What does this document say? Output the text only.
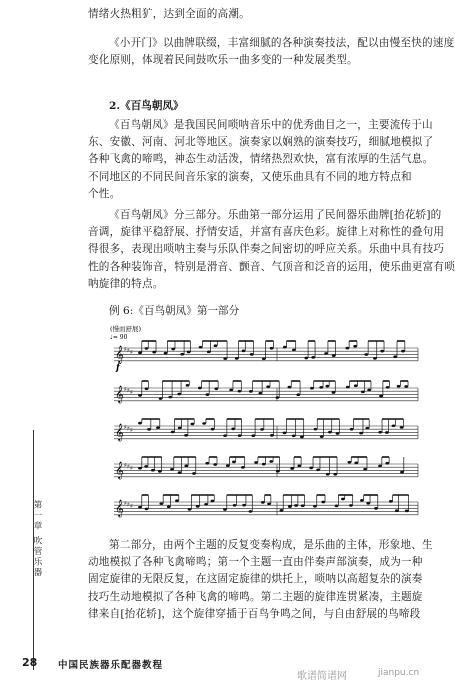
情绪火热粗犷，达到全面的高潮。

《小开门》以曲牌联缀，丰富细腻的各种演奏技法，配以由慢至快的速度
变化原则，体现着民间鼓吹乐一曲多变的一种发展类型。

2.《百鸟朝凤》

《百鸟朝凤》是我国民间唢呐音乐中的优秀曲目之一，主要流传于山
东、安徽、河南、河北等地区。演奏家以娴熟的演奏技巧，细腻地模拟了
各种飞禽的啼鸣，神态生动活泼，情绪热烈欢快，富有浓厚的生活气息。
不同地区的不同民间音乐家的演奏，又使乐曲具有不同的地方特点和
个性。

《百鸟朝凤》分三部分。乐曲第一部分运用了民间器乐曲牌[抬花轿]的
音调，旋律平稳舒展、抒情安适，并富有喜庆色彩。旋律上对称性的叠句用
得很多，表现出唢呐主奏与乐队伴奏之间密切的呼应关系。乐曲中具有技巧
性的各种装饰音，特别是滑音、颤音、气顶音和泛音的运用，使乐曲更富有唢
呐旋律的特点。

例 6:《百鸟朝凤》第一部分

(慢而舒展)
♩= 90
f
𝄞 ♯ ♯ ♯
𝄞 ♯ ♯ ♯
𝄞 ♯ ♯ ♯
𝄞 ♯ ♯ ♯
𝄞 ♯ ♯ ♯

第二部分，由两个主题的反复变奏构成，是乐曲的主体，形象地、生
动地模拟了各种飞禽啼鸣；第一个主题一直由伴奏声部演奏，成为一种
固定旋律的无限反复，在这固定旋律的烘托上，唢呐以高超复杂的演奏
技巧生动地模拟了各种飞禽的啼鸣。第二主题的旋律连贯紧凑，主题旋
律来自[抬花轿]，这个旋律穿插于百鸟争鸣之间，与自由舒展的鸟啼段

第一章 吹管乐器
28 中国民族器乐配器教程
歌谱简谱网	jianpu.cn
